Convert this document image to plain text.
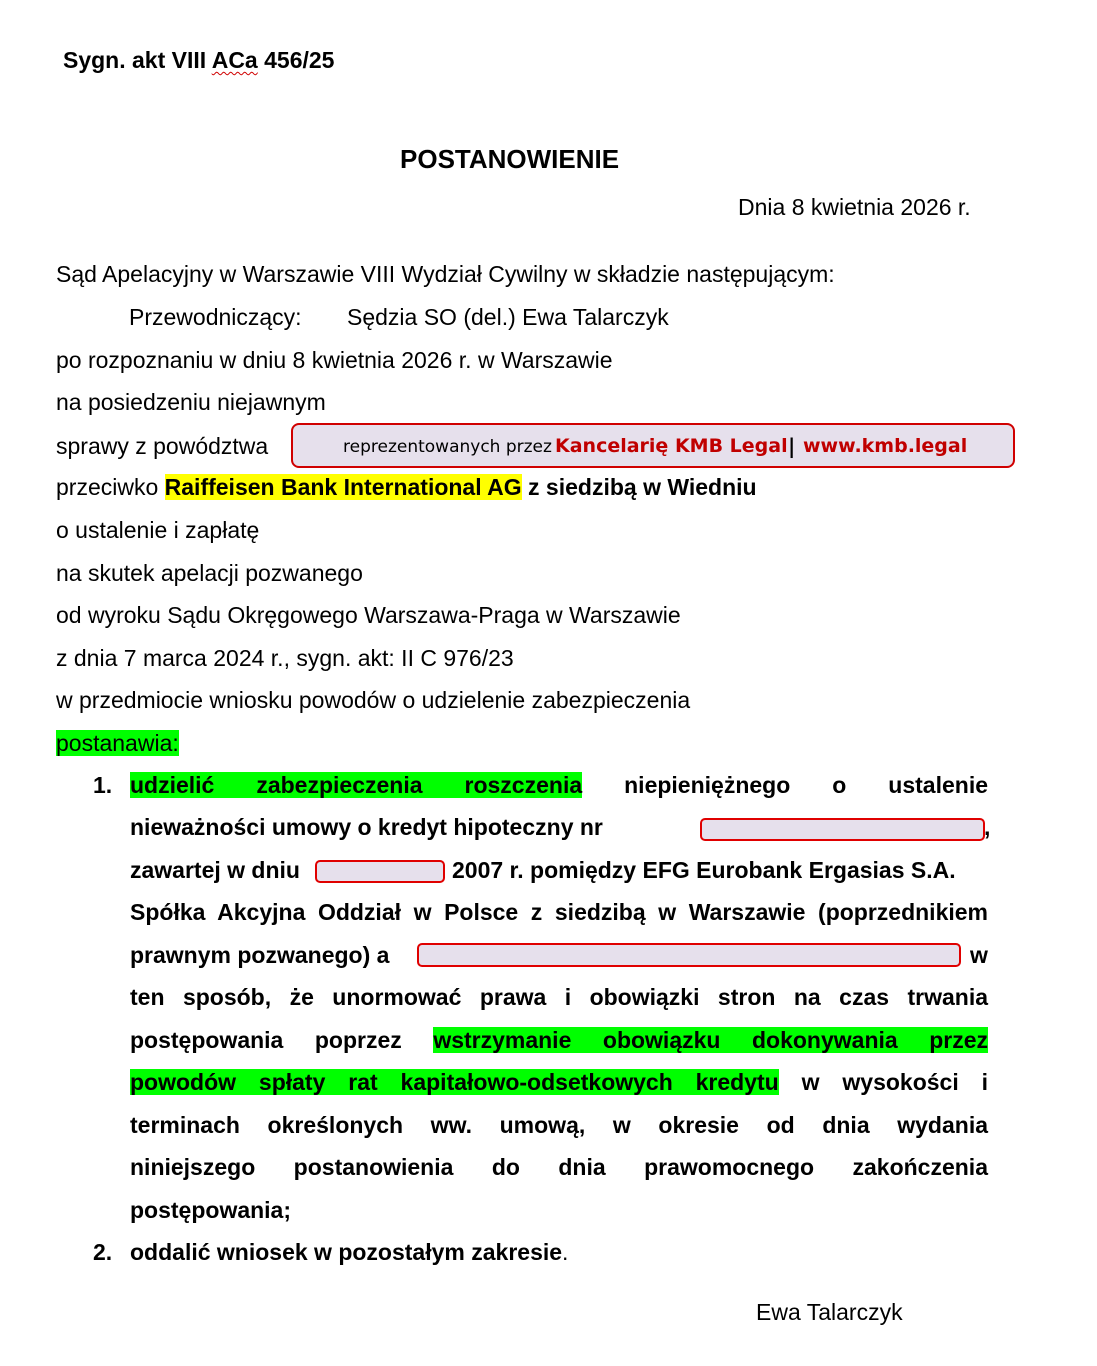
Sygn. akt VIII ACa 456/25
POSTANOWIENIE
Dnia 8 kwietnia 2026 r.
Sąd Apelacyjny w Warszawie VIII Wydział Cywilny w składzie następującym:
Przewodniczący: Sędzia SO (del.) Ewa Talarczyk
po rozpoznaniu w dniu 8 kwietnia 2026 r. w Warszawie
na posiedzeniu niejawnym
sprawy z powództwa	reprezentowanych przez Kancelarię KMB Legal | www.kmb.legal
przeciwko Raiffeisen Bank International AG z siedzibą w Wiedniu
o ustalenie i zapłatę
na skutek apelacji pozwanego
od wyroku Sądu Okręgowego Warszawa-Praga w Warszawie
z dnia 7 marca 2024 r., sygn. akt: II C 976/23
w przedmiocie wniosku powodów o udzielenie zabezpieczenia
postanawia:
1. udzielić zabezpieczenia roszczenia niepieniężnego o ustalenie
nieważności umowy o kredyt hipoteczny nr	,
zawartej w dniu	2007 r. pomiędzy EFG Eurobank Ergasias S.A.
Spółka Akcyjna Oddział w Polsce z siedzibą w Warszawie (poprzednikiem
prawnym pozwanego) a	w
ten sposób, że unormować prawa i obowiązki stron na czas trwania
postępowania poprzez wstrzymanie obowiązku dokonywania przez
powodów spłaty rat kapitałowo-odsetkowych kredytu w wysokości i
terminach określonych ww. umową, w okresie od dnia wydania
niniejszego postanowienia do dnia prawomocnego zakończenia
postępowania;
2. oddalić wniosek w pozostałym zakresie.
Ewa Talarczyk
